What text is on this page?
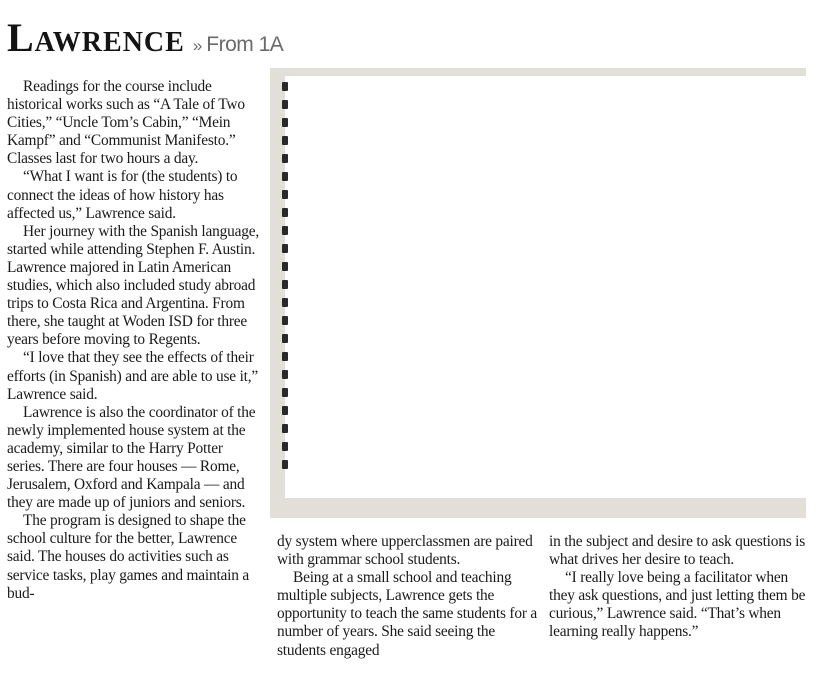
Lawrence » From 1A

Readings for the course include historical works such as “A Tale of Two Cities,” “Uncle Tom’s Cabin,” “Mein Kampf” and “Communist Manifesto.” Classes last for two hours a day.

“What I want is for (the students) to connect the ideas of how history has affected us,” Lawrence said.

Her journey with the Spanish language, started while attending Stephen F. Austin. Lawrence majored in Latin American studies, which also included study abroad trips to Costa Rica and Argentina. From there, she taught at Woden ISD for three years before moving to Regents.

“I love that they see the effects of their efforts (in Spanish) and are able to use it,” Lawrence said.

Lawrence is also the coordinator of the newly implemented house system at the academy, similar to the Harry Potter series. There are four houses — Rome, Jerusalem, Oxford and Kampala — and they are made up of juniors and seniors.

The program is designed to shape the school culture for the better, Lawrence said. The houses do activities such as service tasks, play games and maintain a bud-

dy system where upperclassmen are paired with grammar school students.

Being at a small school and teaching multiple subjects, Lawrence gets the opportunity to teach the same students for a number of years. She said seeing the students engaged

in the subject and desire to ask questions is what drives her desire to teach.

“I really love being a facilitator when they ask questions, and just letting them be curious,” Lawrence said. “That’s when learning really happens.”
